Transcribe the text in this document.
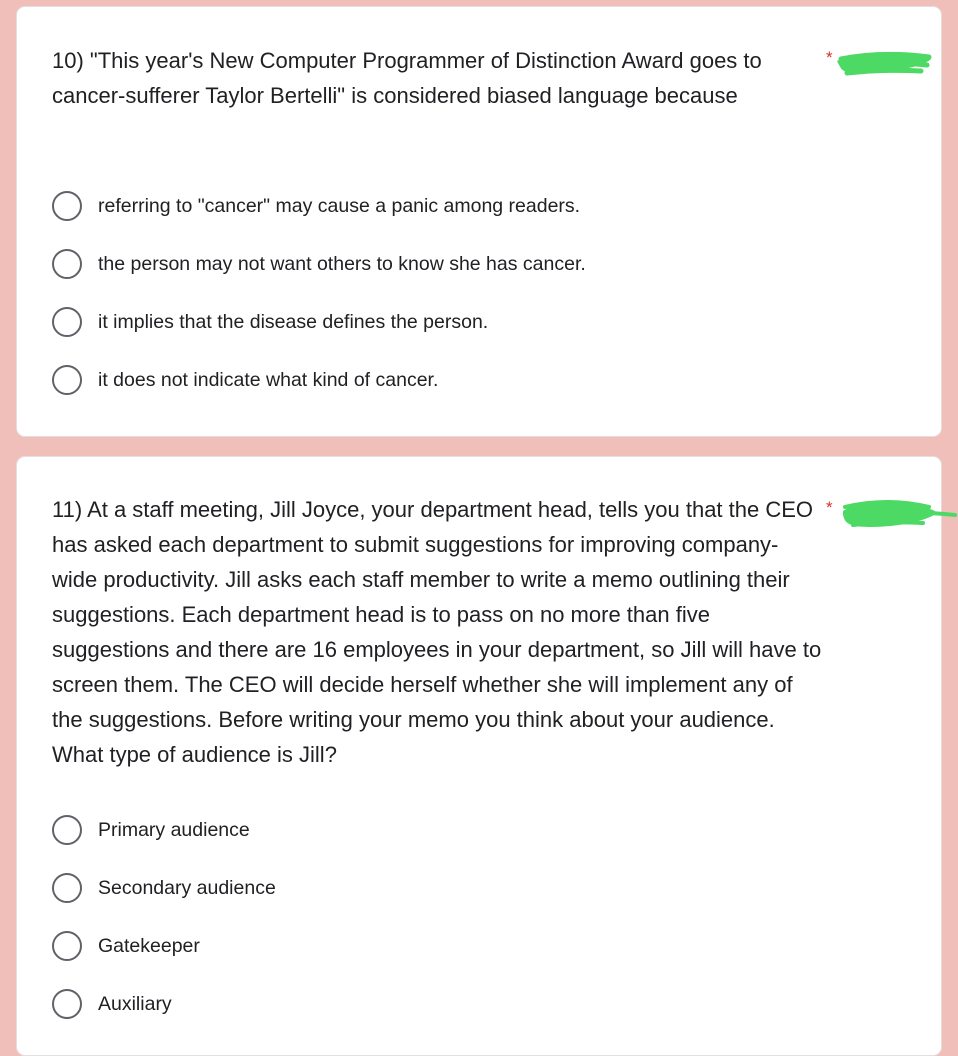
10) "This year's New Computer Programmer of Distinction Award goes to cancer-sufferer Taylor Bertelli" is considered biased language because

*
referring to "cancer" may cause a panic among readers.
the person may not want others to know she has cancer.
it implies that the disease defines the person.
it does not indicate what kind of cancer.

11) At a staff meeting, Jill Joyce, your department head, tells you that the CEO has asked each department to submit suggestions for improving company-wide productivity. Jill asks each staff member to write a memo outlining their suggestions. Each department head is to pass on no more than five suggestions and there are 16 employees in your department, so Jill will have to screen them. The CEO will decide herself whether she will implement any of the suggestions. Before writing your memo you think about your audience. What type of audience is Jill?

*
Primary audience
Secondary audience
Gatekeeper
Auxiliary
